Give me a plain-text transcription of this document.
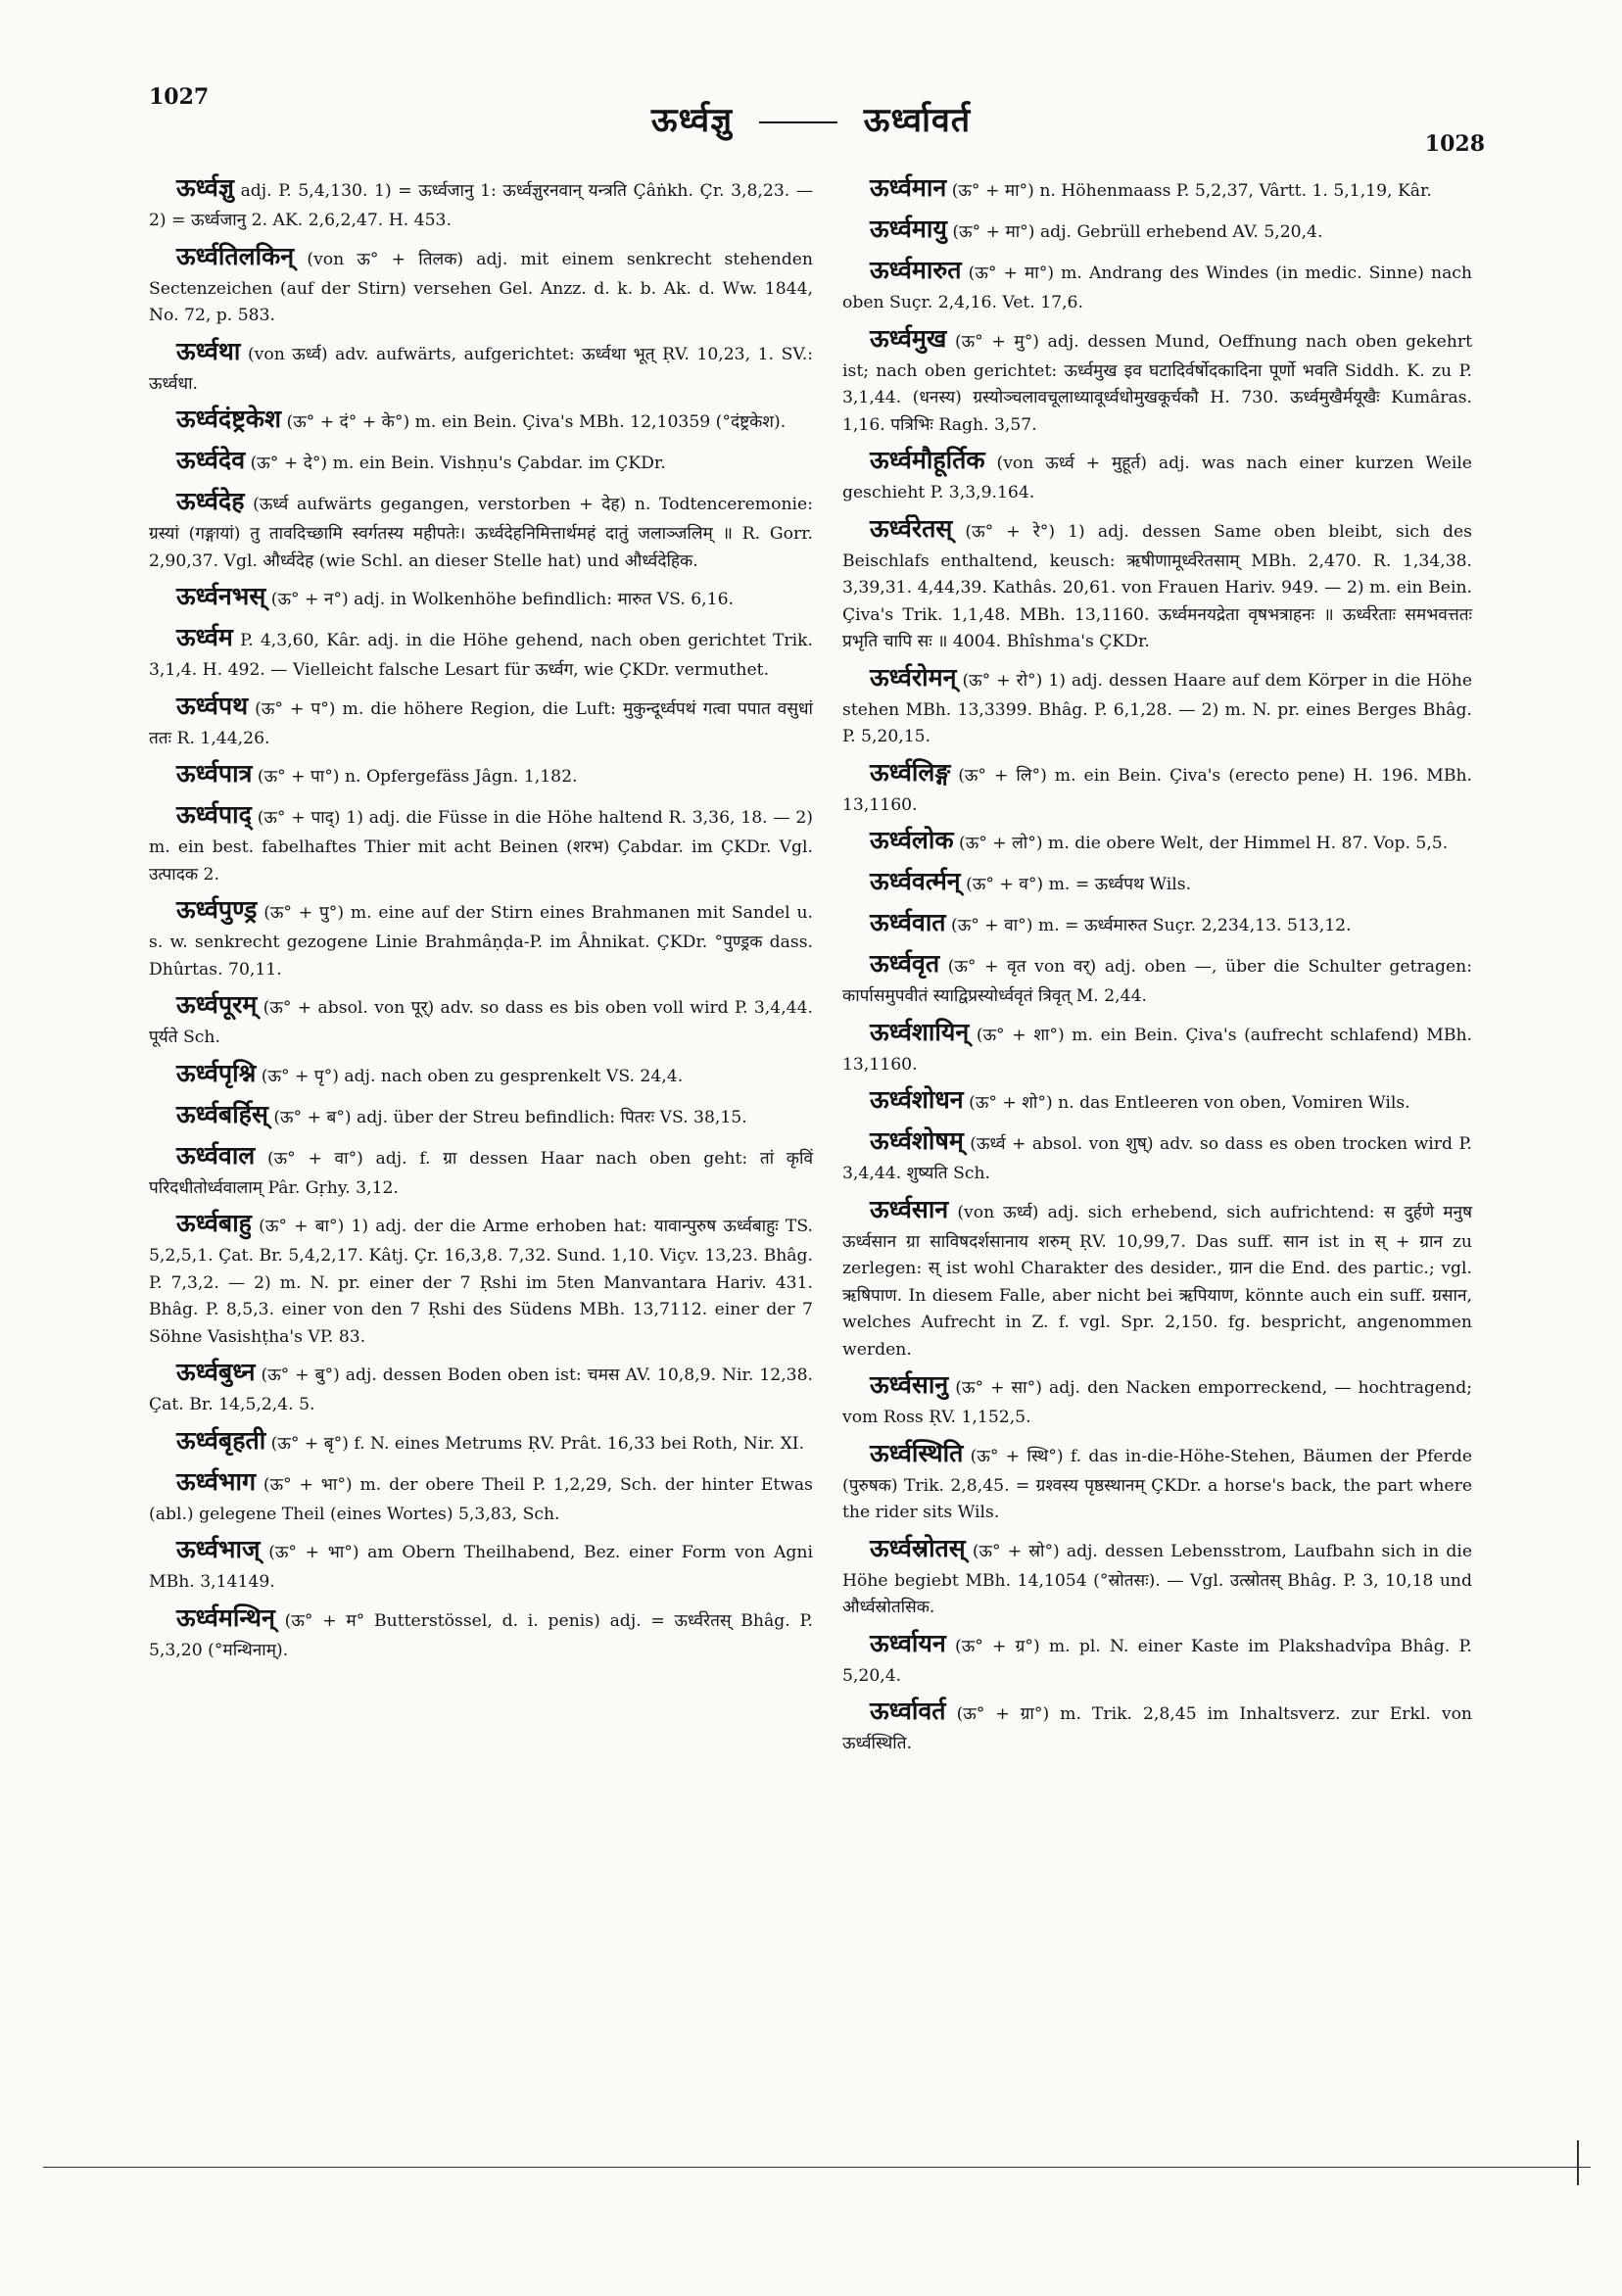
1027
1028
ऊर्ध्वज्ञु	ऊर्ध्वावर्त

ऊर्ध्वज्ञु adj. P. 5,4,130. 1) = ऊर्ध्वजानु 1: ऊर्ध्वज्ञुरनवान् यन्त्रति Çâṅkh. Çr. 3,8,23. — 2) = ऊर्ध्वजानु 2. AK. 2,6,2,47. H. 453.

ऊर्ध्वतिलकिन् (von ऊ° + तिलक) adj. mit einem senkrecht stehenden Sectenzeichen (auf der Stirn) versehen Gel. Anzz. d. k. b. Ak. d. Ww. 1844, No. 72, p. 583.

ऊर्ध्वथा (von ऊर्ध्व) adv. aufwärts, aufgerichtet: ऊर्ध्वथा भूत् ṚV. 10,23, 1. SV.: ऊर्ध्वधा.

ऊर्ध्वदंष्ट्रकेश (ऊ° + दं° + के°) m. ein Bein. Çiva's MBh. 12,10359 (°दंष्ट्रकेश).

ऊर्ध्वदेव (ऊ° + दे°) m. ein Bein. Vishṇu's Çabdar. im ÇKDr.

ऊर्ध्वदेह (ऊर्ध्व aufwärts gegangen, verstorben + देह) n. Todtenceremonie: ग्रस्यां (गङ्गायां) तु तावदिच्छामि स्वर्गतस्य महीपतेः। ऊर्ध्वदेहनिमित्तार्थमहं दातुं जलाञ्जलिम् ॥ R. Gorr. 2,90,37. Vgl. और्ध्वदेह (wie Schl. an dieser Stelle hat) und और्ध्वदेहिक.

ऊर्ध्वनभस् (ऊ° + न°) adj. in Wolkenhöhe befindlich: मारुत VS. 6,16.

ऊर्ध्वम P. 4,3,60, Kâr. adj. in die Höhe gehend, nach oben gerichtet Trik. 3,1,4. H. 492. — Vielleicht falsche Lesart für ऊर्ध्वग, wie ÇKDr. vermuthet.

ऊर्ध्वपथ (ऊ° + प°) m. die höhere Region, die Luft: मुकुन्दूर्ध्वपथं गत्वा पपात वसुधां ततः R. 1,44,26.

ऊर्ध्वपात्र (ऊ° + पा°) n. Opfergefäss Jâgn. 1,182.

ऊर्ध्वपाद् (ऊ° + पाद्) 1) adj. die Füsse in die Höhe haltend R. 3,36, 18. — 2) m. ein best. fabelhaftes Thier mit acht Beinen (शरभ) Çabdar. im ÇKDr. Vgl. उत्पादक 2.

ऊर्ध्वपुण्ड्र (ऊ° + पु°) m. eine auf der Stirn eines Brahmanen mit Sandel u. s. w. senkrecht gezogene Linie Brahmâṇḍa-P. im Âhnikat. ÇKDr. °पुण्ड्रक dass. Dhûrtas. 70,11.

ऊर्ध्वपूरम् (ऊ° + absol. von पूर्) adv. so dass es bis oben voll wird P. 3,4,44. पूर्यते Sch.

ऊर्ध्वपृश्नि (ऊ° + पृ°) adj. nach oben zu gesprenkelt VS. 24,4.

ऊर्ध्वबर्हिस् (ऊ° + ब°) adj. über der Streu befindlich: पितरः VS. 38,15.

ऊर्ध्ववाल (ऊ° + वा°) adj. f. ग्रा dessen Haar nach oben geht: तां कृविं परिदधीतोर्ध्ववालाम् Pâr. Gṛhy. 3,12.

ऊर्ध्वबाहु (ऊ° + बा°) 1) adj. der die Arme erhoben hat: यावान्पुरुष ऊर्ध्वबाहुः TS. 5,2,5,1. Çat. Br. 5,4,2,17. Kâtj. Çr. 16,3,8. 7,32. Sund. 1,10. Viçv. 13,23. Bhâg. P. 7,3,2. — 2) m. N. pr. einer der 7 Ṛshi im 5ten Manvantara Hariv. 431. Bhâg. P. 8,5,3. einer von den 7 Ṛshi des Südens MBh. 13,7112. einer der 7 Söhne Vasishṭha's VP. 83.

ऊर्ध्वबुध्न (ऊ° + बु°) adj. dessen Boden oben ist: चमस AV. 10,8,9. Nir. 12,38. Çat. Br. 14,5,2,4. 5.

ऊर्ध्वबृहती (ऊ° + बृ°) f. N. eines Metrums ṚV. Prât. 16,33 bei Roth, Nir. XI.

ऊर्ध्वभाग (ऊ° + भा°) m. der obere Theil P. 1,2,29, Sch. der hinter Etwas (abl.) gelegene Theil (eines Wortes) 5,3,83, Sch.

ऊर्ध्वभाज् (ऊ° + भा°) am Obern Theilhabend, Bez. einer Form von Agni MBh. 3,14149.

ऊर्ध्वमन्थिन् (ऊ° + म° Butterstössel, d. i. penis) adj. = ऊर्ध्वरेतस् Bhâg. P. 5,3,20 (°मन्थिनाम्).

ऊर्ध्वमान (ऊ° + मा°) n. Höhenmaass P. 5,2,37, Vârtt. 1. 5,1,19, Kâr.

ऊर्ध्वमायु (ऊ° + मा°) adj. Gebrüll erhebend AV. 5,20,4.

ऊर्ध्वमारुत (ऊ° + मा°) m. Andrang des Windes (in medic. Sinne) nach oben Suçr. 2,4,16. Vet. 17,6.

ऊर्ध्वमुख (ऊ° + मु°) adj. dessen Mund, Oeffnung nach oben gekehrt ist; nach oben gerichtet: ऊर्ध्वमुख इव घटादिर्वर्षोदकादिना पूर्णो भवति Siddh. K. zu P. 3,1,44. (धनस्य) ग्रस्योञ्चलावचूलाध्यावूर्ध्वधोमुखकूर्चकौ H. 730. ऊर्ध्वमुखैर्मयूखैः Kumâras. 1,16. पत्रिभिः Ragh. 3,57.

ऊर्ध्वमौहूर्तिक (von ऊर्ध्व + मुहूर्त) adj. was nach einer kurzen Weile geschieht P. 3,3,9.164.

ऊर्ध्वरेतस् (ऊ° + रे°) 1) adj. dessen Same oben bleibt, sich des Beischlafs enthaltend, keusch: ऋषीणामूर्ध्वरेतसाम् MBh. 2,470. R. 1,34,38. 3,39,31. 4,44,39. Kathâs. 20,61. von Frauen Hariv. 949. — 2) m. ein Bein. Çiva's Trik. 1,1,48. MBh. 13,1160. ऊर्ध्वमनयद्रेता वृषभत्राहनः ॥ ऊर्ध्वरेताः समभवत्ततः प्रभृति चापि सः ॥ 4004. Bhîshma's ÇKDr.

ऊर्ध्वरोमन् (ऊ° + रो°) 1) adj. dessen Haare auf dem Körper in die Höhe stehen MBh. 13,3399. Bhâg. P. 6,1,28. — 2) m. N. pr. eines Berges Bhâg. P. 5,20,15.

ऊर्ध्वलिङ्ग (ऊ° + लि°) m. ein Bein. Çiva's (erecto pene) H. 196. MBh. 13,1160.

ऊर्ध्वलोक (ऊ° + लो°) m. die obere Welt, der Himmel H. 87. Vop. 5,5.

ऊर्ध्ववर्त्मन् (ऊ° + व°) m. = ऊर्ध्वपथ Wils.

ऊर्ध्ववात (ऊ° + वा°) m. = ऊर्ध्वमारुत Suçr. 2,234,13. 513,12.

ऊर्ध्ववृत (ऊ° + वृत von वर्) adj. oben —, über die Schulter getragen: कार्पासमुपवीतं स्याद्विप्रस्योर्ध्ववृतं त्रिवृत् M. 2,44.

ऊर्ध्वशायिन् (ऊ° + शा°) m. ein Bein. Çiva's (aufrecht schlafend) MBh. 13,1160.

ऊर्ध्वशोधन (ऊ° + शो°) n. das Entleeren von oben, Vomiren Wils.

ऊर्ध्वशोषम् (ऊर्ध्व + absol. von शुष्) adv. so dass es oben trocken wird P. 3,4,44. शुष्यति Sch.

ऊर्ध्वसान (von ऊर्ध्व) adj. sich erhebend, sich aufrichtend: स दुर्हणे मनुष ऊर्ध्वसान ग्रा साविषदर्शसानाय शरुम् ṚV. 10,99,7. Das suff. सान ist in स् + ग्रान zu zerlegen: स् ist wohl Charakter des desider., ग्रान die End. des partic.; vgl. ऋषिपाण. In diesem Falle, aber nicht bei ऋपियाण, könnte auch ein suff. ग्रसान, welches Aufrecht in Z. f. vgl. Spr. 2,150. fg. bespricht, angenommen werden.

ऊर्ध्वसानु (ऊ° + सा°) adj. den Nacken emporreckend, — hochtragend; vom Ross ṚV. 1,152,5.

ऊर्ध्वस्थिति (ऊ° + स्थि°) f. das in-die-Höhe-Stehen, Bäumen der Pferde (पुरुषक) Trik. 2,8,45. = ग्रश्वस्य पृष्ठस्थानम् ÇKDr. a horse's back, the part where the rider sits Wils.

ऊर्ध्वस्रोतस् (ऊ° + स्रो°) adj. dessen Lebensstrom, Laufbahn sich in die Höhe begiebt MBh. 14,1054 (°स्रोतसः). — Vgl. उत्स्रोतस् Bhâg. P. 3, 10,18 und और्ध्वस्रोतसिक.

ऊर्ध्वायन (ऊ° + ग्र°) m. pl. N. einer Kaste im Plakshadvîpa Bhâg. P. 5,20,4.

ऊर्ध्वावर्त (ऊ° + ग्रा°) m. Trik. 2,8,45 im Inhaltsverz. zur Erkl. von ऊर्ध्वस्थिति.
